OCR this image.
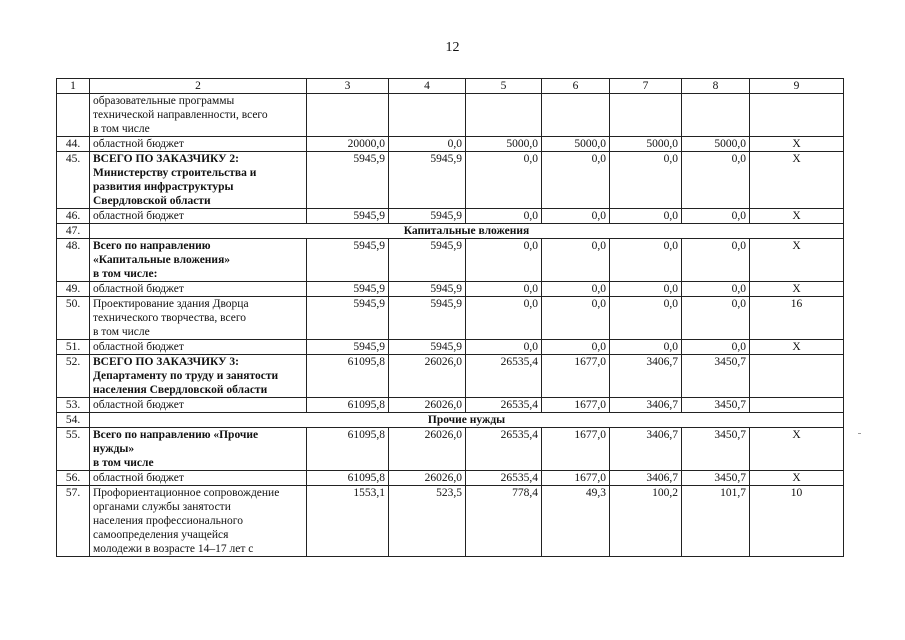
12
1	2	3	4	5	6	7	8	9

	образовательные программы
технической направленности, всего
в том числе							

44.	областной бюджет	20000,0	0,0	5000,0	5000,0	5000,0	5000,0	X
45.	ВСЕГО ПО ЗАКАЗЧИКУ 2:
Министерству строительства и
развития инфраструктуры
Свердловской области	5945,9	5945,9	0,0	0,0	0,0	0,0	X
46.	областной бюджет	5945,9	5945,9	0,0	0,0	0,0	0,0	X
47.	Капитальные вложения							
48.	Всего по направлению
«Капитальные вложения»
в том числе:	5945,9	5945,9	0,0	0,0	0,0	0,0	X
49.	областной бюджет	5945,9	5945,9	0,0	0,0	0,0	0,0	X
50.	Проектирование здания Дворца
технического творчества, всего
в том числе	5945,9	5945,9	0,0	0,0	0,0	0,0	16
51.	областной бюджет	5945,9	5945,9	0,0	0,0	0,0	0,0	X
52.	ВСЕГО ПО ЗАКАЗЧИКУ 3:
Департаменту по труду и занятости
населения Свердловской области	61095,8	26026,0	26535,4	1677,0	3406,7	3450,7	
53.	областной бюджет	61095,8	26026,0	26535,4	1677,0	3406,7	3450,7	
54.	Прочие нужды							
55.	Всего по направлению «Прочие
нужды»
в том числе	61095,8	26026,0	26535,4	1677,0	3406,7	3450,7	X
56.	областной бюджет	61095,8	26026,0	26535,4	1677,0	3406,7	3450,7	X
57.	Профориентационное сопровождение
органами службы занятости
населения профессионального
самоопределения учащейся
молодежи в возрасте 14–17 лет с	1553,1	523,5	778,4	49,3	100,2	101,7	10
